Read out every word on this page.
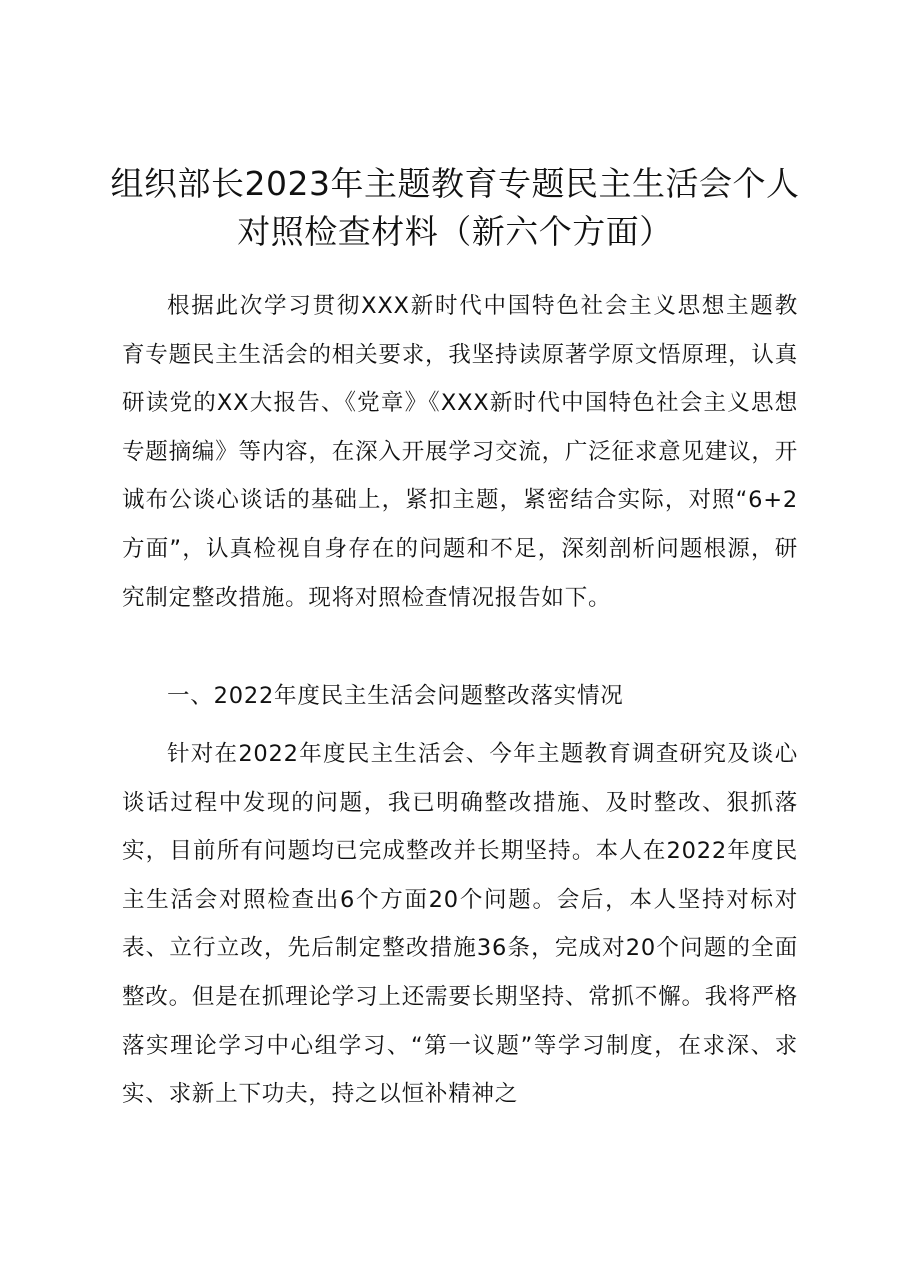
组织部长2023年主题教育专题民主生活会个人对照检查材料（新六个方面）

根据此次学习贯彻XXX新时代中国特色社会主义思想主题教育专题民主生活会的相关要求，我坚持读原著学原文悟原理，认真研读党的XX大报告、《党章》《XXX新时代中国特色社会主义思想专题摘编》等内容，在深入开展学习交流，广泛征求意见建议，开诚布公谈心谈话的基础上，紧扣主题，紧密结合实际，对照“6+2方面”，认真检视自身存在的问题和不足，深刻剖析问题根源，研究制定整改措施。现将对照检查情况报告如下。

一、2022年度民主生活会问题整改落实情况

针对在2022年度民主生活会、今年主题教育调查研究及谈心谈话过程中发现的问题，我已明确整改措施、及时整改、狠抓落实，目前所有问题均已完成整改并长期坚持。本人在2022年度民主生活会对照检查出6个方面20个问题。会后，本人坚持对标对表、立行立改，先后制定整改措施36条，完成对20个问题的全面整改。但是在抓理论学习上还需要长期坚持、常抓不懈。我将严格落实理论学习中心组学习、“第一议题”等学习制度，在求深、求实、求新上下功夫，持之以恒补精神之
